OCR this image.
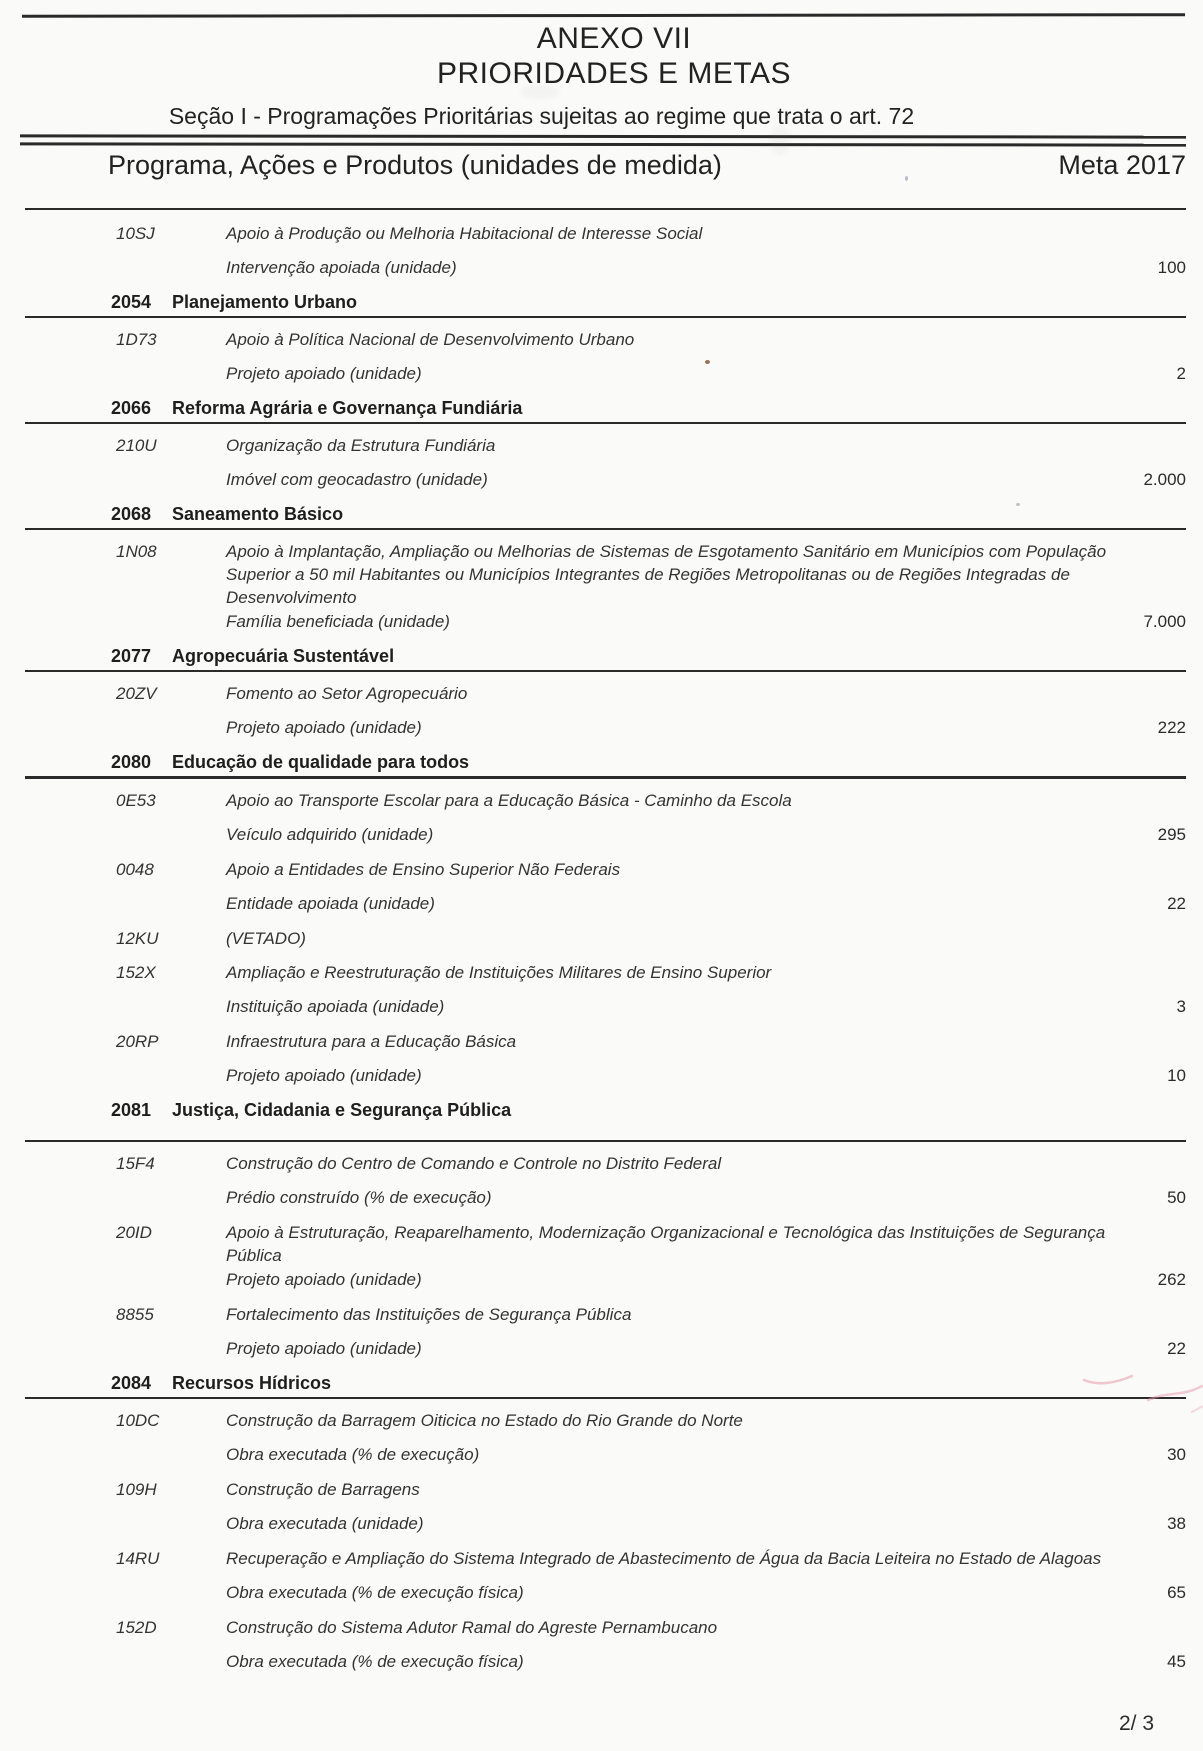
ANEXO VII
PRIORIDADES E METAS
Seção I - Programações Prioritárias sujeitas ao regime que trata o art. 72
Programa, Ações e Produtos (unidades de medida)	Meta 2017
10SJ	Apoio à Produção ou Melhoria Habitacional de Interesse Social
Intervenção apoiada (unidade)	100
2054 Planejamento Urbano
1D73	Apoio à Política Nacional de Desenvolvimento Urbano
Projeto apoiado (unidade)	2
2066 Reforma Agrária e Governança Fundiária
210U	Organização da Estrutura Fundiária
Imóvel com geocadastro (unidade)	2.000
2068 Saneamento Básico
1N08	Apoio à Implantação, Ampliação ou Melhorias de Sistemas de Esgotamento Sanitário em Municípios com População
Superior a 50 mil Habitantes ou Municípios Integrantes de Regiões Metropolitanas ou de Regiões Integradas de
Desenvolvimento
Família beneficiada (unidade)	7.000
2077 Agropecuária Sustentável
20ZV	Fomento ao Setor Agropecuário
Projeto apoiado (unidade)	222
2080 Educação de qualidade para todos
0E53	Apoio ao Transporte Escolar para a Educação Básica - Caminho da Escola
Veículo adquirido (unidade)	295
0048	Apoio a Entidades de Ensino Superior Não Federais
Entidade apoiada (unidade)	22
12KU	(VETADO)
152X	Ampliação e Reestruturação de Instituições Militares de Ensino Superior
Instituição apoiada (unidade)	3
20RP	Infraestrutura para a Educação Básica
Projeto apoiado (unidade)	10
2081 Justiça, Cidadania e Segurança Pública
15F4	Construção do Centro de Comando e Controle no Distrito Federal
Prédio construído (% de execução)	50
20ID	Apoio à Estruturação, Reaparelhamento, Modernização Organizacional e Tecnológica das Instituições de Segurança
Pública
Projeto apoiado (unidade)	262
8855	Fortalecimento das Instituições de Segurança Pública
Projeto apoiado (unidade)	22
2084 Recursos Hídricos
10DC	Construção da Barragem Oiticica no Estado do Rio Grande do Norte
Obra executada (% de execução)	30
109H	Construção de Barragens
Obra executada (unidade)	38
14RU	Recuperação e Ampliação do Sistema Integrado de Abastecimento de Água da Bacia Leiteira no Estado de Alagoas
Obra executada (% de execução física)	65
152D	Construção do Sistema Adutor Ramal do Agreste Pernambucano
Obra executada (% de execução física)	45
2/ 3
